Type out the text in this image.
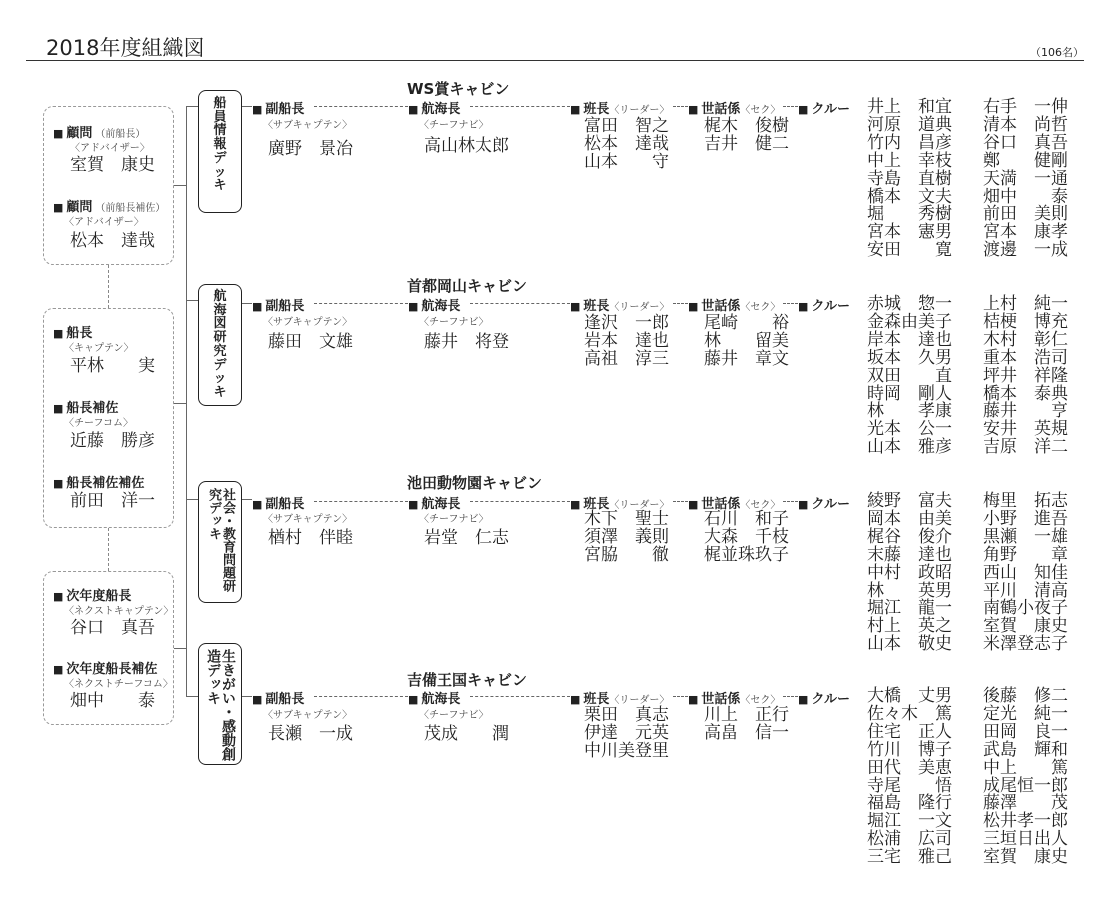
2018年度組織図	（106名）
■ 顧問 （前船長）
〈アドバイザー〉
室賀　康史
■ 顧問 （前船長補佐）
〈アドバイザー〉
松本　達哉
■ 船長
〈キャプテン〉
平林　　実
■ 船長補佐
〈チーフコム〉
近藤　勝彦
■ 船長補佐補佐
前田　洋一
■ 次年度船長
〈ネクストキャプテン〉
谷口　真吾
■ 次年度船長補佐
〈ネクストチーフコム〉
畑中　　泰
船員情報デッキ
WS賞キャビン
■ 副船長
〈サブキャプテン〉
廣野　景冶
■ 航海長
〈チーフナビ〉
高山林太郎
■ 班長〈リーダー〉
富田　智之
松本　達哉
山本　　守
■ 世話係〈セク〉
梶木　俊樹
吉井　健二
■ クルー 井上　和宜
河原　道典
竹内　昌彦
中上　幸枝
寺島　直樹
橋本　文夫
堀　　秀樹
宮本　憲男
安田　　寛
右手　一伸
清本　尚哲
谷口　真吾
鄭　　健剛
天満　一通
畑中　　泰
前田　美則
宮本　康孝
渡邊　一成
航海図研究デッキ
首都岡山キャビン
■ 副船長
〈サブキャプテン〉
藤田　文雄
■ 航海長
〈チーフナビ〉
藤井　将登
■ 班長〈リーダー〉
逢沢　一郎
岩本　達也
高祖　淳三
■ 世話係〈セク〉
尾崎　　裕
林　　留美
藤井　章文
■ クルー 赤城　惣一
金森由美子
岸本　達也
坂本　久男
双田　　直
時岡　剛人
林　　孝康
光本　公一
山本　雅彦
上村　純一
桔梗　博充
木村　彰仁
重本　浩司
坪井　祥隆
橋本　泰典
藤井　　亨
安井　英規
吉原　洋二
社会・教育問題研究デッキ
池田動物園キャビン
■ 副船長
〈サブキャプテン〉
楢村　伴睦
■ 航海長
〈チーフナビ〉
岩堂　仁志
■ 班長〈リーダー〉
木下　聖士
須澤　義則
宮脇　　徹
■ 世話係〈セク〉
石川　和子
大森　千枝
梶並珠玖子
■ クルー 綾野　富夫
岡本　由美
梶谷　俊介
末藤　達也
中村　政昭
林　　英男
堀江　龍一
村上　英之
山本　敬史
梅里　拓志
小野　進吾
黒瀬　一雄
角野　　章
西山　知佳
平川　清高
南鶴小夜子
室賀　康史
米澤登志子
生きがい・感動創造デッキ	吉備王国キャビン
■ 副船長
〈サブキャプテン〉
長瀬　一成
■ 航海長
〈チーフナビ〉
茂成　　潤
■ 班長〈リーダー〉
栗田　真志
伊達　元英
中川美登里
■ 世話係〈セク〉
川上　正行
高畠　信一
■ クルー 大橋　丈男
佐々木　篤
住宅　正人
竹川　博子
田代　美恵
寺尾　　悟
福島　隆行
堀江　一文
松浦　広司
三宅　雅己
後藤　修二
定光　純一
田岡　良一
武島　輝和
中上　　篤
成尾恒一郎
藤澤　　茂
松井孝一郎
三垣日出人
室賀　康史
